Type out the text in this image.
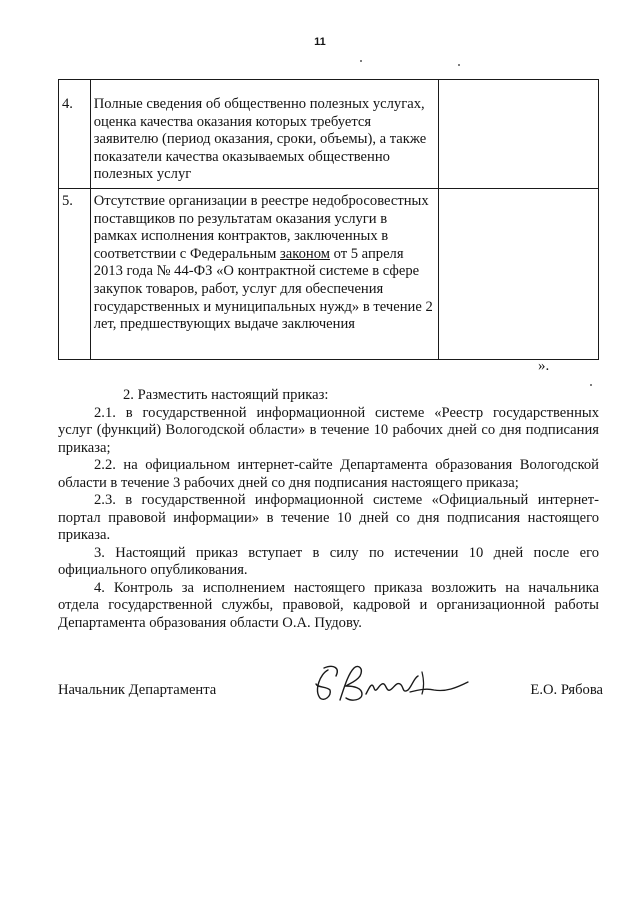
11
4.	Полные сведения об общественно полезных услугах, оценка качества оказания которых требуется заявителю (период оказания, сроки, объемы), а также показатели качества оказываемых общественно полезных услуг	
5.	Отсутствие организации в реестре недобросовестных поставщиков по результатам оказания услуги в рамках исполнения контрактов, заключенных в соответствии с Федеральным законом от 5 апреля 2013 года № 44-ФЗ «О контрактной системе в сфере закупок товаров, работ, услуг для обеспечения государственных и муниципальных нужд» в течение 2 лет, предшествующих выдаче заключения	
».

2. Разместить настоящий приказ:

2.1. в государственной информационной системе «Реестр государственных услуг (функций) Вологодской области» в течение 10 рабочих дней со дня подписания приказа;

2.2. на официальном интернет-сайте Департамента образования Вологодской области в течение 3 рабочих дней со дня подписания настоящего приказа;

2.3. в государственной информационной системе «Официальный интернет-портал правовой информации» в течение 10 дней со дня подписания настоящего приказа.

3. Настоящий приказ вступает в силу по истечении 10 дней после его официального опубликования.

4. Контроль за исполнением настоящего приказа возложить на начальника отдела государственной службы, правовой, кадровой и организационной работы Департамента образования области О.А. Пудову.

Начальник Департамента	Е.О. Рябова
